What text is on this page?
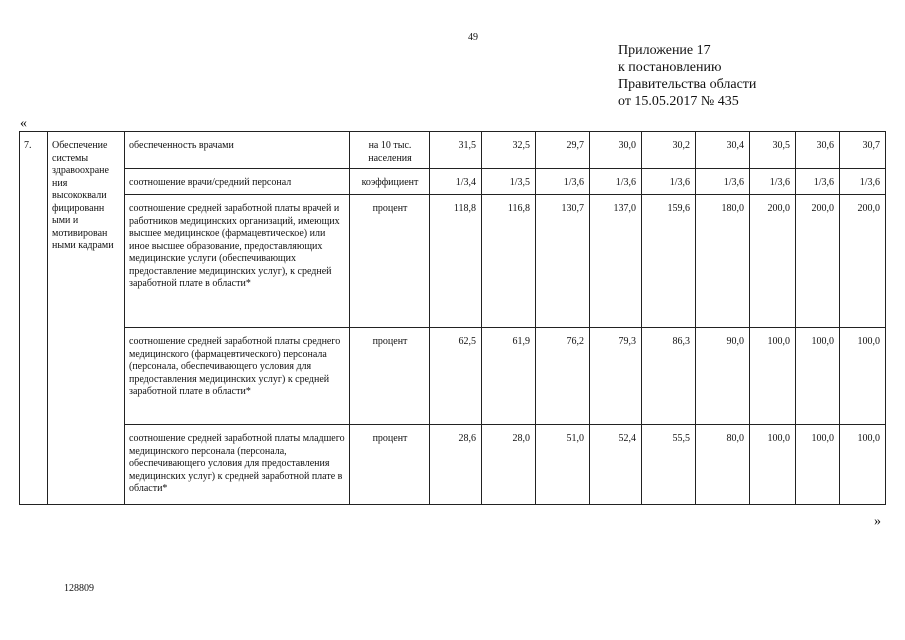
49
Приложение 17
к постановлению
Правительства области
от 15.05.2017 № 435
«
7.	Обеспечение системы здравоохране ния высококвали фицированн ыми и мотивирован ными кадрами	обеспеченность врачами	на 10 тыс. населения	31,5	32,5	29,7	30,0	30,2	30,4	30,5	30,6	30,7
		соотношение врачи/средний персонал	коэффициент	1/3,4	1/3,5	1/3,6	1/3,6	1/3,6	1/3,6	1/3,6	1/3,6	1/3,6
		соотношение средней заработной платы врачей и работников медицинских организаций, имеющих высшее медицинское (фармацевтическое) или иное высшее образование, предоставляющих медицинские услуги (обеспечивающих предоставление медицинских услуг), к средней заработной плате в области*	процент	118,8	116,8	130,7	137,0	159,6	180,0	200,0	200,0	200,0
		соотношение средней заработной платы среднего медицинского (фармацевтического) персонала (персонала, обеспечивающего условия для предоставления медицинских услуг) к средней заработной плате в области*	процент	62,5	61,9	76,2	79,3	86,3	90,0	100,0	100,0	100,0
		соотношение средней заработной платы младшего медицинского персонала (персонала, обеспечивающего условия для предоставления медицинских услуг) к средней заработной плате в области*	процент	28,6	28,0	51,0	52,4	55,5	80,0	100,0	100,0	100,0
»
128809
